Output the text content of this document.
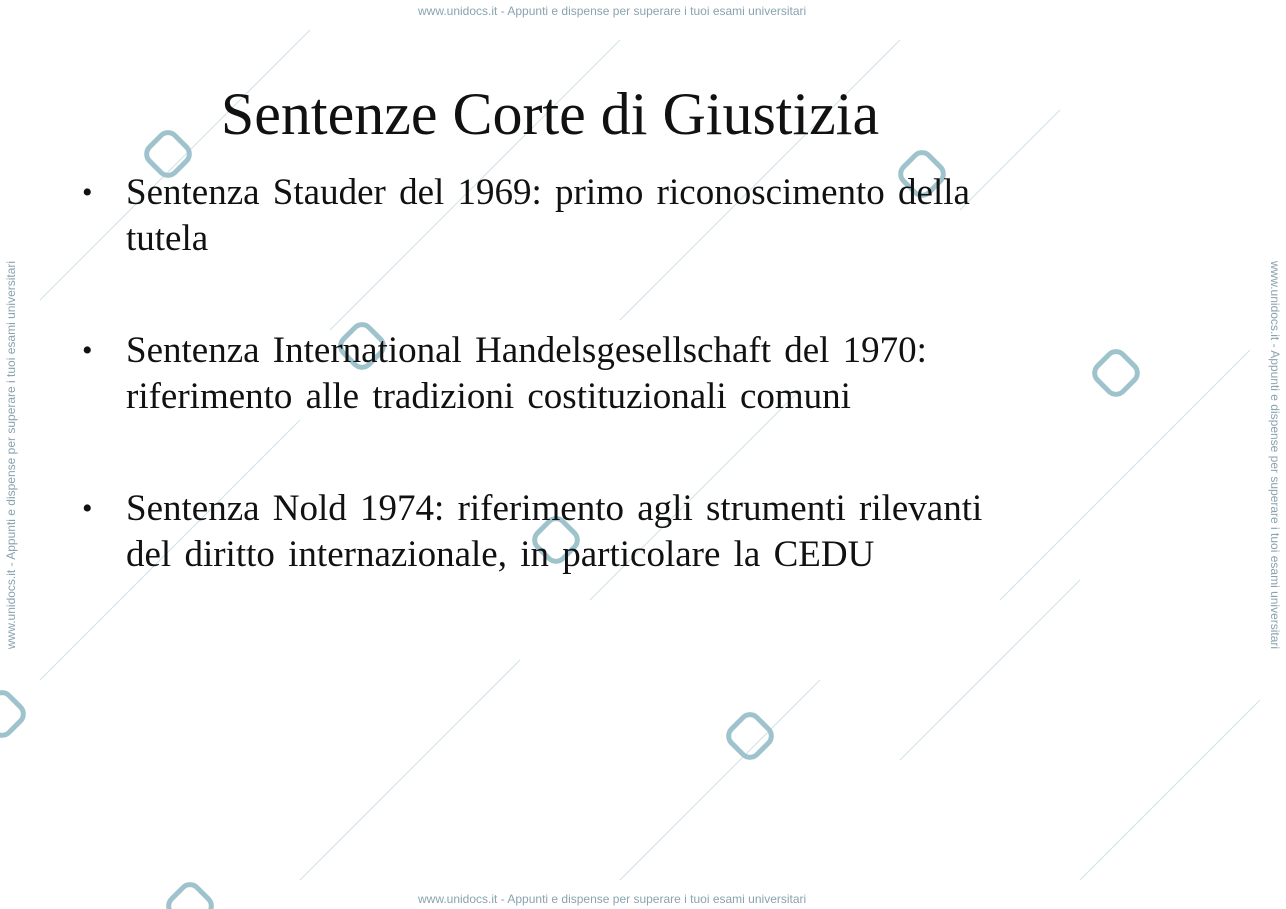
www.unidocs.it - Appunti e dispense per superare i tuoi esami universitari
www.unidocs.it - Appunti e dispense per superare i tuoi esami universitari
www.unidocs.it - Appunti e dispense per superare i tuoi esami universitari	www.unidocs.it - Appunti e dispense per superare i tuoi esami universitari
Sentenze Corte di Giustizia
• Sentenza Stauder del 1969: primo riconoscimento della tutela
• Sentenza International Handelsgesellschaft del 1970: riferimento alle tradizioni costituzionali comuni
• Sentenza Nold 1974: riferimento agli strumenti rilevanti del diritto internazionale, in particolare la CEDU
